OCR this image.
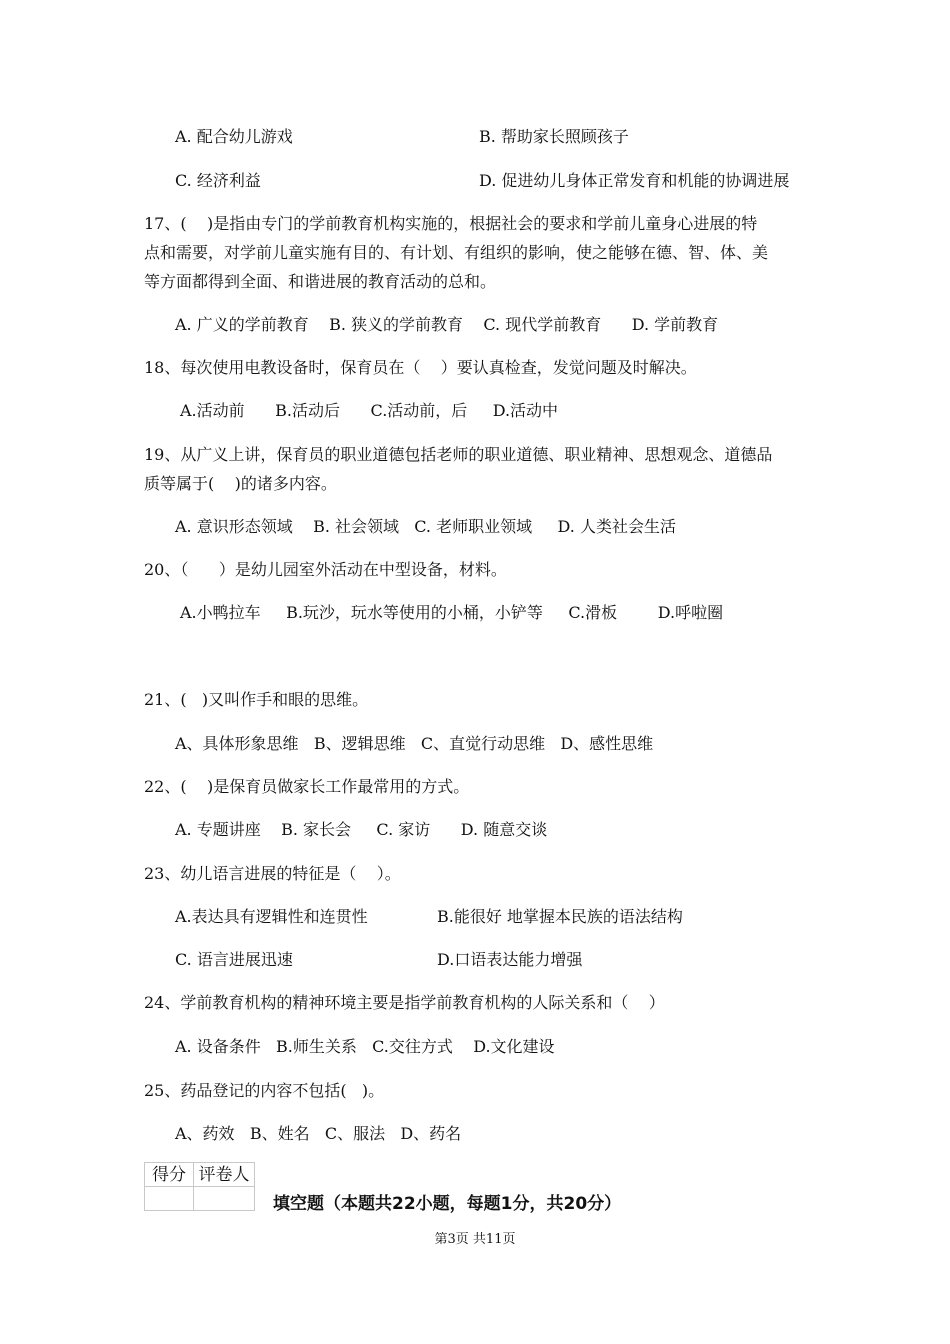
A. 配合幼儿游戏	B. 帮助家长照顾孩子
C. 经济利益	D. 促进幼儿身体正常发育和机能的协调进展
17、(    )是指由专门的学前教育机构实施的，根据社会的要求和学前儿童身心进展的特
点和需要，对学前儿童实施有目的、有计划、有组织的影响，使之能够在德、智、体、美
等方面都得到全面、和谐进展的教育活动的总和。
A. 广义的学前教育    B. 狭义的学前教育    C. 现代学前教育      D. 学前教育
18、每次使用电教设备时，保育员在（    ）要认真检查，发觉问题及时解决。
A.活动前      B.活动后      C.活动前，后     D.活动中
19、从广义上讲，保育员的职业道德包括老师的职业道德、职业精神、思想观念、道德品
质等属于(    )的诸多内容。
A. 意识形态领域    B. 社会领域   C. 老师职业领域     D. 人类社会生活
20、（      ）是幼儿园室外活动在中型设备，材料。
A.小鸭拉车     B.玩沙，玩水等使用的小桶，小铲等     C.滑板        D.呼啦圈
21、(   )又叫作手和眼的思维。
A、具体形象思维   B、逻辑思维   C、直觉行动思维   D、感性思维
22、(    )是保育员做家长工作最常用的方式。
A. 专题讲座    B. 家长会     C. 家访      D. 随意交谈
23、幼儿语言进展的特征是（    ）。
A.表达具有逻辑性和连贯性	B.能很好 地掌握本民族的语法结构
C. 语言进展迅速	D.口语表达能力增强
24、学前教育机构的精神环境主要是指学前教育机构的人际关系和（    ）
A. 设备条件   B.师生关系   C.交往方式    D.文化建设
25、药品登记的内容不包括(   )。
A、药效   B、姓名   C、服法   D、药名
得分	评卷人

填空题（本题共22小题，每题1分，共20分）
第3页 共11页
